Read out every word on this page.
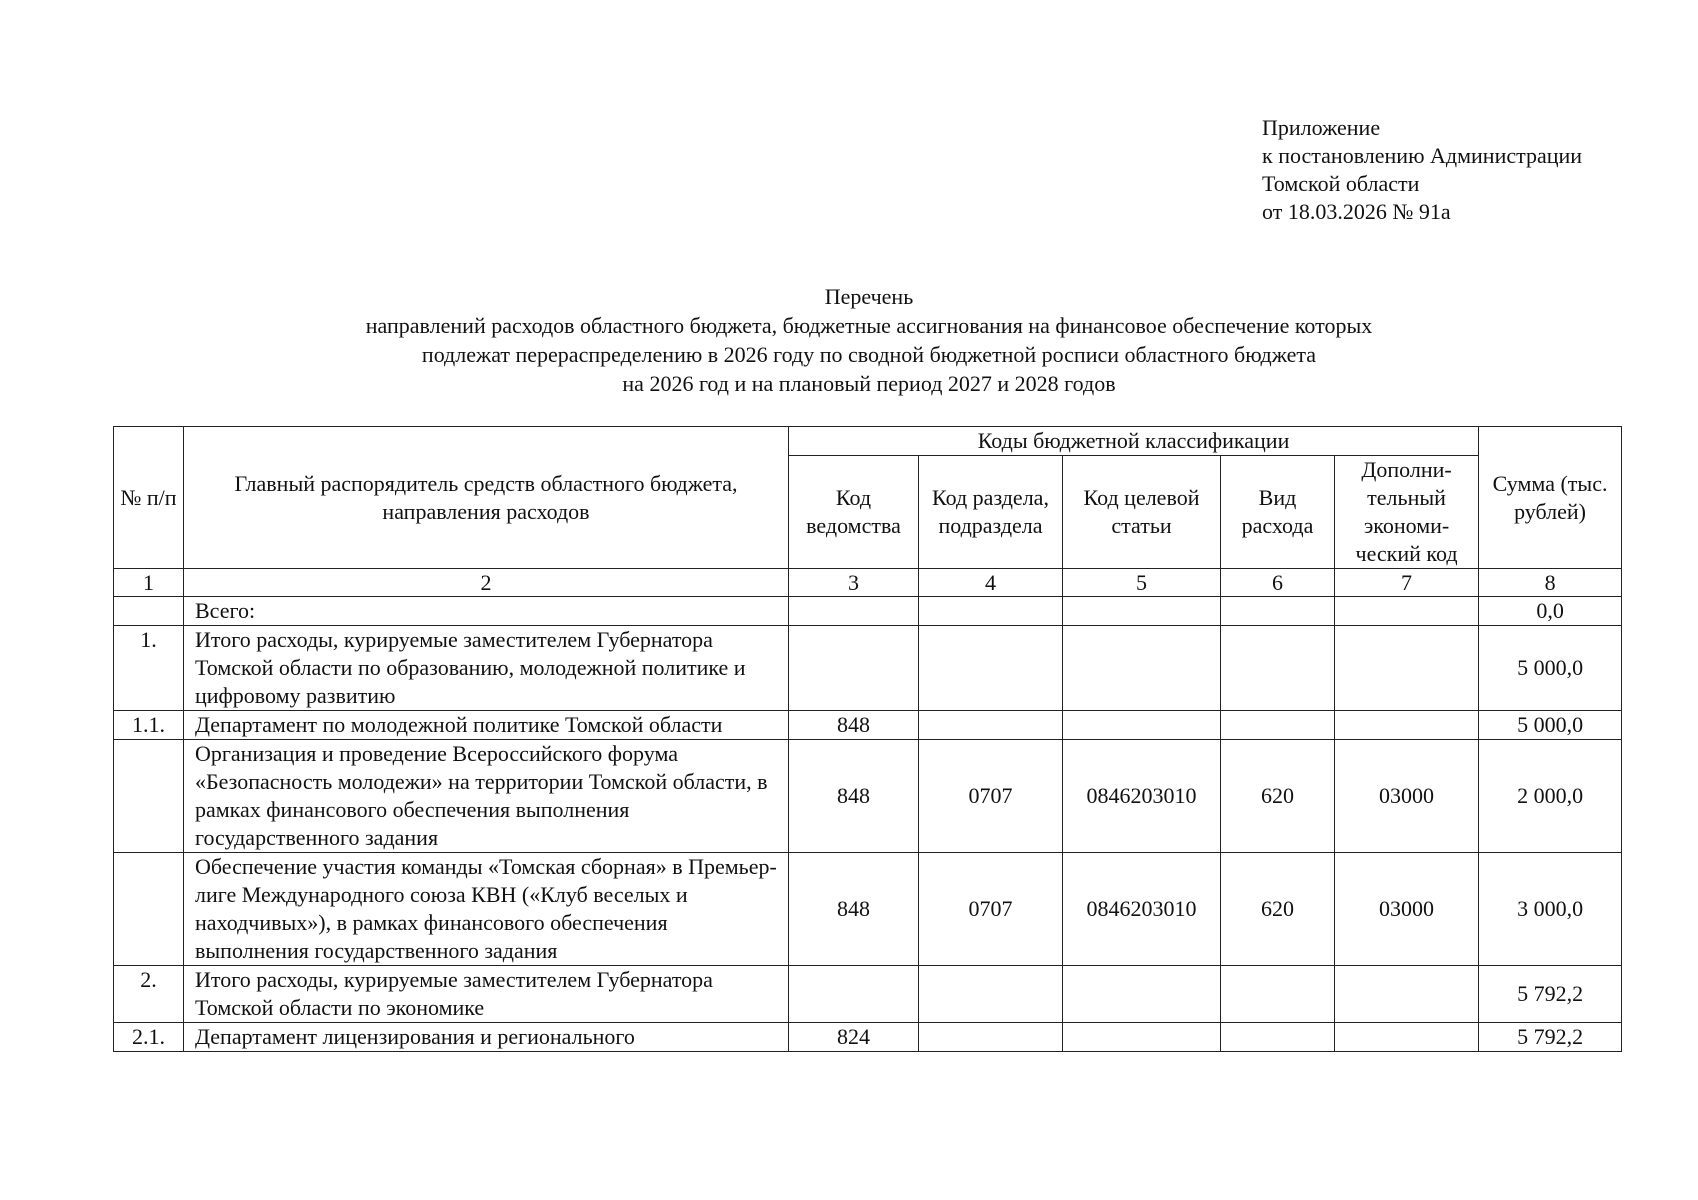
Приложение
к постановлению Администрации
Томской области
от 18.03.2026 № 91а
Перечень
направлений расходов областного бюджета, бюджетные ассигнования на финансовое обеспечение которых
подлежат перераспределению в 2026 году по сводной бюджетной росписи областного бюджета
на 2026 год и на плановый период 2027 и 2028 годов
№ п/п	Главный распорядитель средств областного бюджета, направления расходов	Коды бюджетной классификации					Сумма (тыс. рублей)
		Код ведомства	Код раздела, подраздела	Код целевой статьи	Вид расхода	Дополни-тельный экономи-ческий код	
1	2	3	4	5	6	7	8
	Всего:						0,0
1.	Итого расходы, курируемые заместителем Губернатора Томской области по образованию, молодежной политике и цифровому развитию						5 000,0
1.1.	Департамент по молодежной политике Томской области	848					5 000,0
	Организация и проведение Всероссийского форума «Безопасность молодежи» на территории Томской области, в рамках финансового обеспечения выполнения государственного задания	848	0707	0846203010	620	03000	2 000,0
	Обеспечение участия команды «Томская сборная» в Премьер-лиге Международного союза КВН («Клуб веселых и находчивых»), в рамках финансового обеспечения выполнения государственного задания	848	0707	0846203010	620	03000	3 000,0
2.	Итого расходы, курируемые заместителем Губернатора Томской области по экономике						5 792,2
2.1.	Департамент лицензирования и регионального	824					5 792,2
